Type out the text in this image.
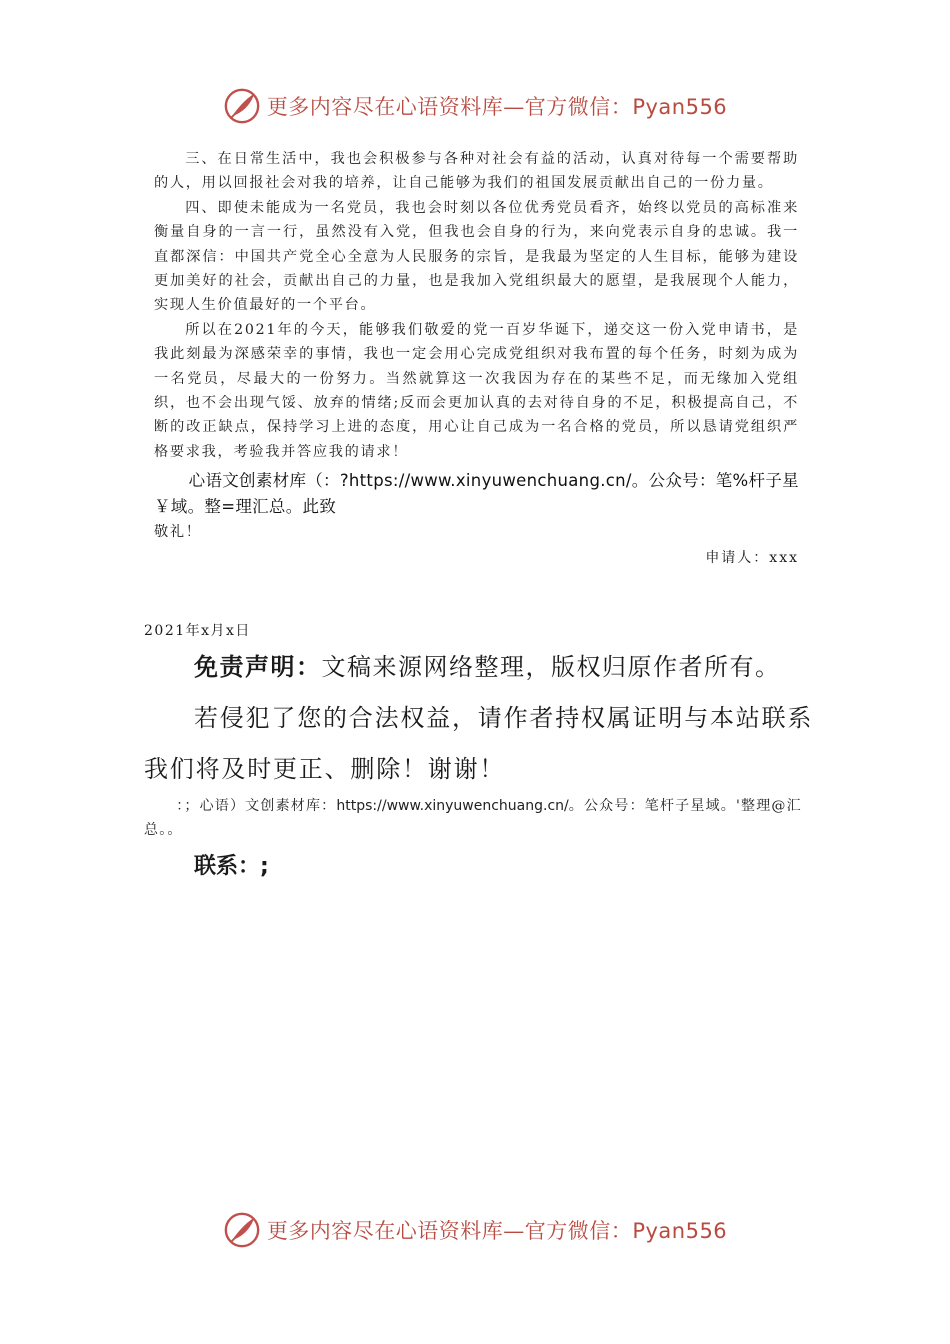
更多内容尽在心语资料库—官方微信：Pyan556

三、在日常生活中，我也会积极参与各种对社会有益的活动，认真对待每一个需要帮助的人，用以回报社会对我的培养，让自己能够为我们的祖国发展贡献出自己的一份力量。

四、即使未能成为一名党员，我也会时刻以各位优秀党员看齐，始终以党员的高标准来衡量自身的一言一行，虽然没有入党，但我也会自身的行为，来向党表示自身的忠诚。我一直都深信：中国共产党全心全意为人民服务的宗旨，是我最为坚定的人生目标，能够为建设更加美好的社会，贡献出自己的力量，也是我加入党组织最大的愿望，是我展现个人能力，实现人生价值最好的一个平台。

所以在2021年的今天，能够我们敬爱的党一百岁华诞下，递交这一份入党申请书，是我此刻最为深感荣幸的事情，我也一定会用心完成党组织对我布置的每个任务，时刻为成为一名党员，尽最大的一份努力。当然就算这一次我因为存在的某些不足，而无缘加入党组织，也不会出现气馁、放弃的情绪;反而会更加认真的去对待自身的不足，积极提高自己，不断的改正缺点，保持学习上进的态度，用心让自己成为一名合格的党员，所以恳请党组织严格要求我，考验我并答应我的请求！

心语文创素材库（：?https://www.xinyuwenchuang.cn/。公众号：笔%杆子星￥域。整=理汇总。此致

敬礼！

申请人：xxx

2021年x月x日
免责声明：文稿来源网络整理，版权归原作者所有。
若侵犯了您的合法权益，请作者持权属证明与本站联系
我们将及时更正、删除！谢谢！
：；心语）文创素材库：https://www.xinyuwenchuang.cn/。公众号：笔杆子星域。'整理@汇总。。
联系：;
更多内容尽在心语资料库—官方微信：Pyan556
